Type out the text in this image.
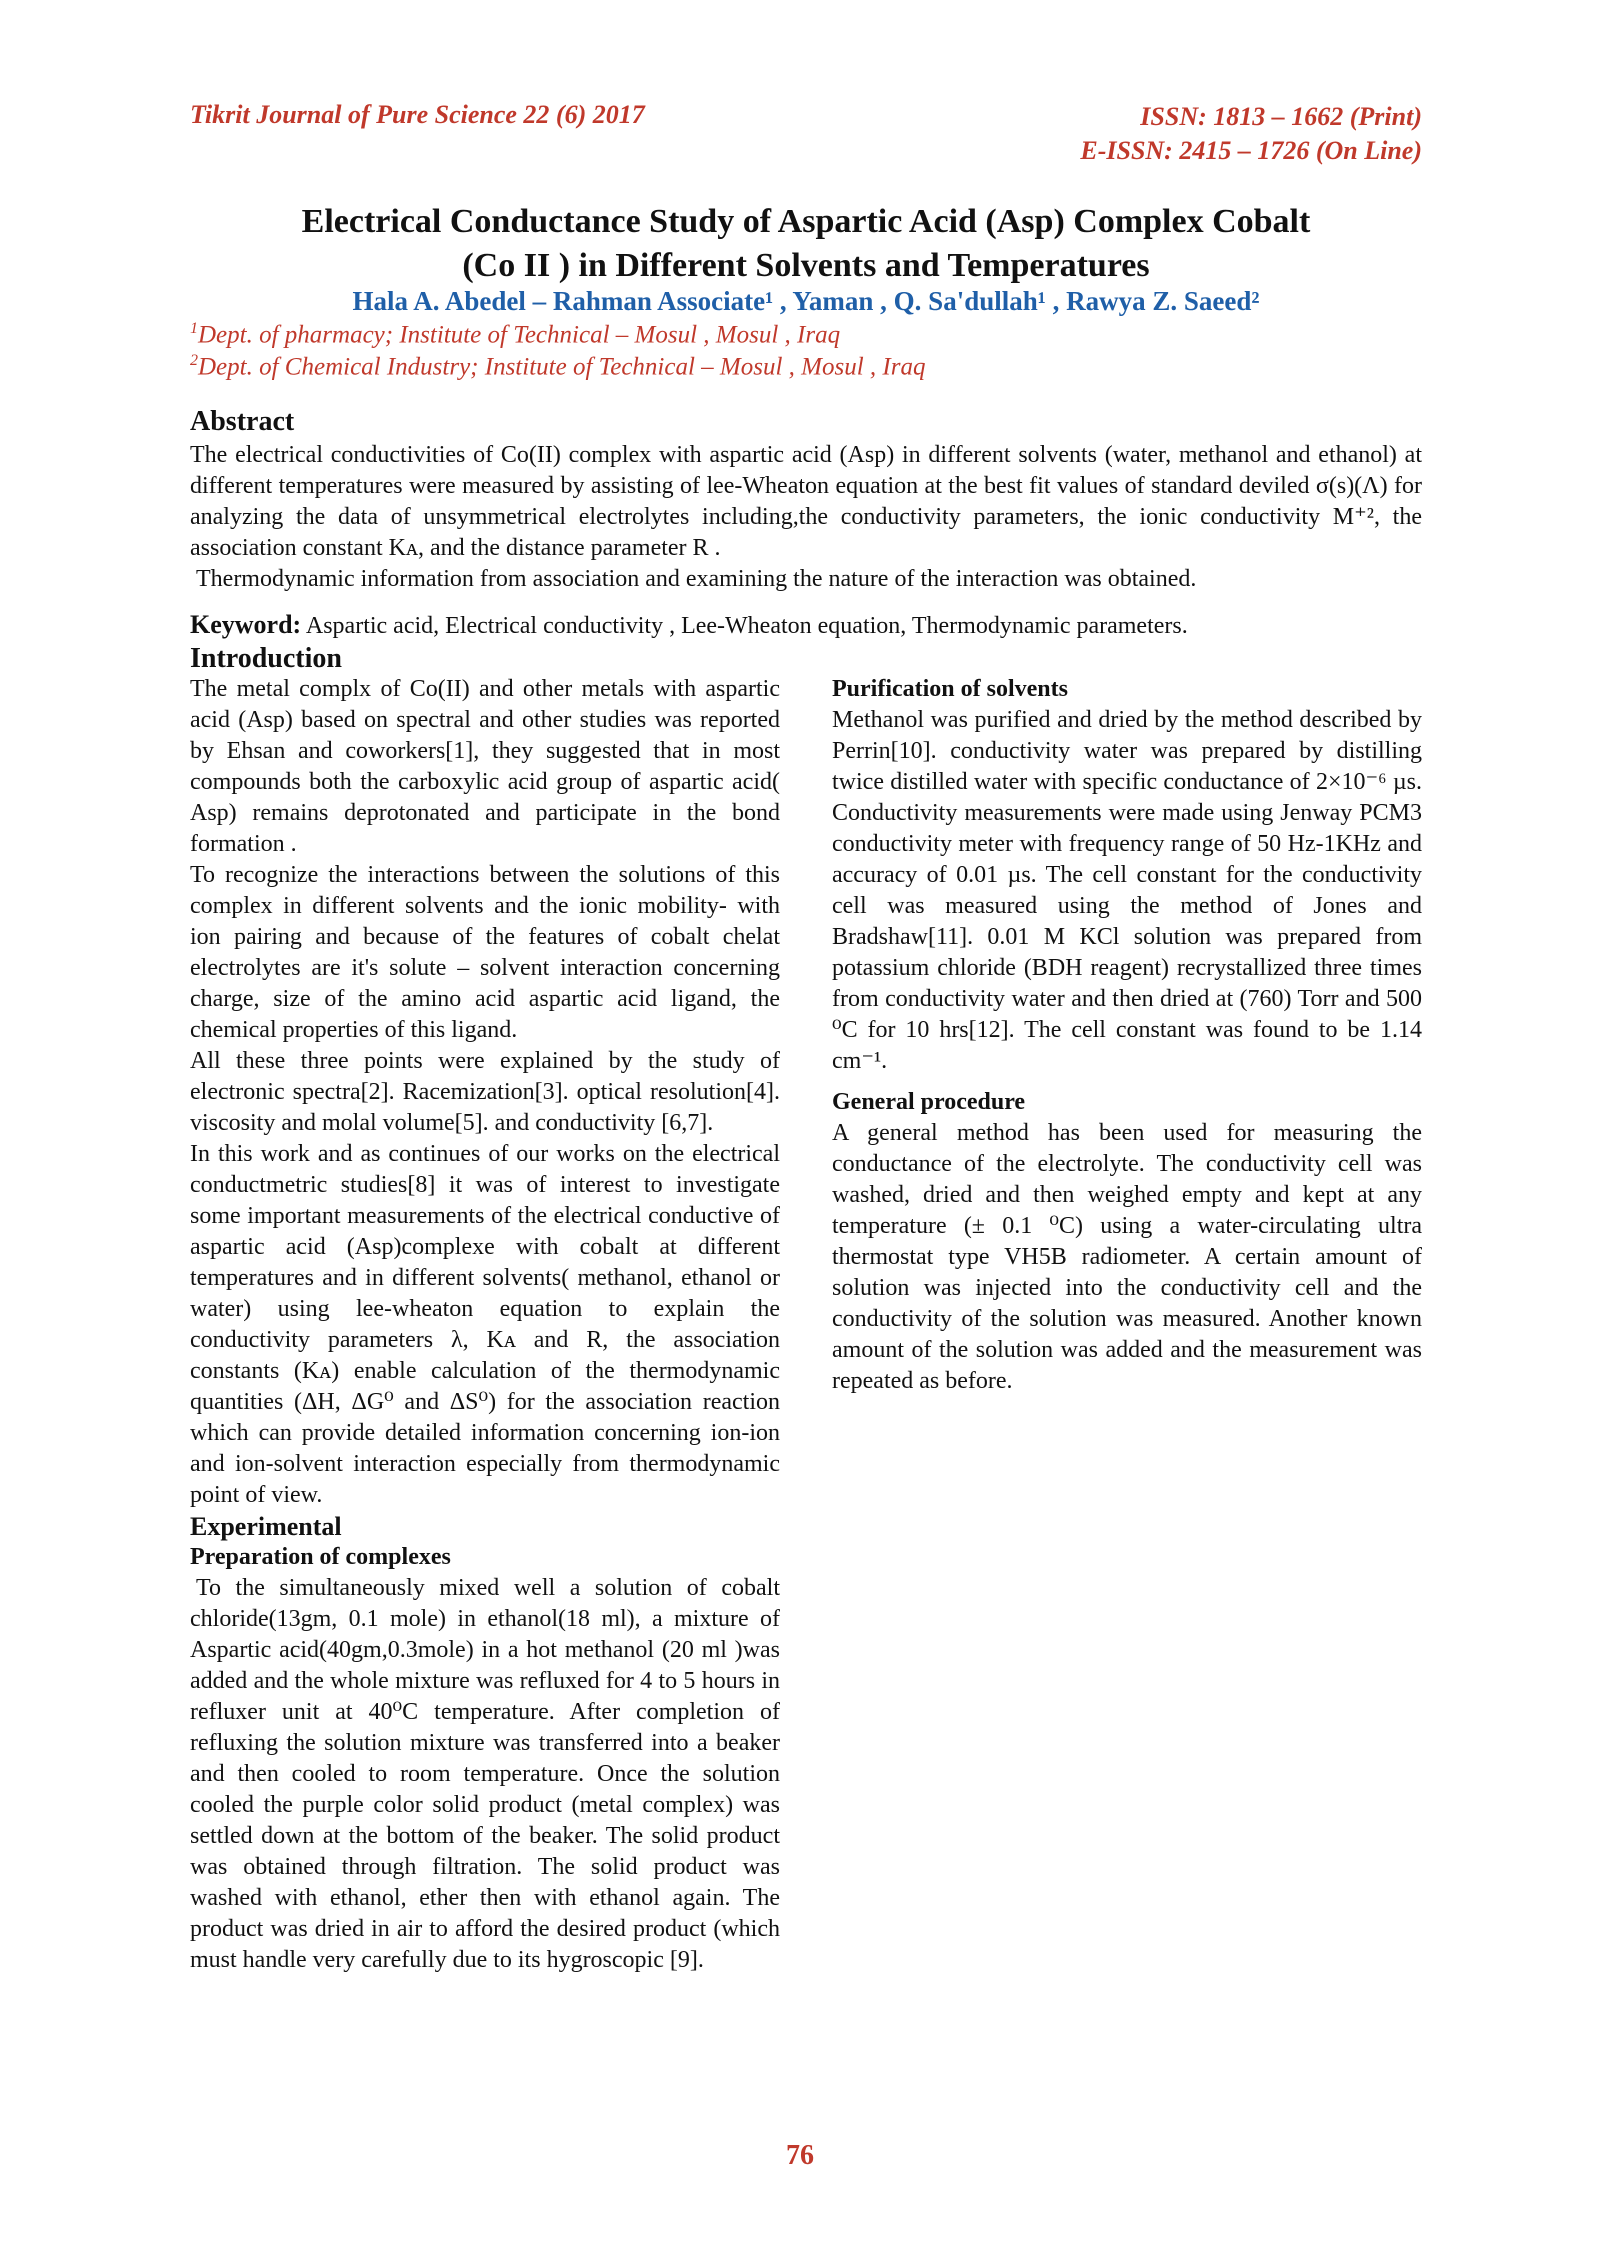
Tikrit Journal of Pure Science 22 (6) 2017	ISSN: 1813 – 1662 (Print)
E-ISSN: 2415 – 1726 (On Line)
Electrical Conductance Study of Aspartic Acid (Asp) Complex Cobalt
(Co II ) in Different Solvents and Temperatures
Hala A. Abedel – Rahman Associate¹ , Yaman , Q. Sa'dullah¹ , Rawya Z. Saeed²
$^1$Dept. of pharmacy; Institute of Technical – Mosul , Mosul , Iraq
$^2$Dept. of Chemical Industry; Institute of Technical – Mosul , Mosul , Iraq
Abstract

The electrical conductivities of Co(II) complex with aspartic acid (Asp) in different solvents (water, methanol and ethanol) at different temperatures were measured by assisting of lee-Wheaton equation at the best fit values of standard deviled σ(s)(Λ) for analyzing the data of unsymmetrical electrolytes including,the conductivity parameters, the ionic conductivity M⁺², the association constant Kᴀ, and the distance parameter R .

Thermodynamic information from association and examining the nature of the interaction was obtained.

Keyword: Aspartic acid, Electrical conductivity , Lee-Wheaton equation, Thermodynamic parameters.
Introduction

The metal complx of Co(II) and other metals with aspartic acid (Asp) based on spectral and other studies was reported by Ehsan and coworkers[1], they suggested that in most compounds both the carboxylic acid group of aspartic acid( Asp) remains deprotonated and participate in the bond formation .

To recognize the interactions between the solutions of this complex in different solvents and the ionic mobility- with ion pairing and because of the features of cobalt chelat electrolytes are it's solute – solvent interaction concerning charge, size of the amino acid aspartic acid ligand, the chemical properties of this ligand.

All these three points were explained by the study of electronic spectra[2]. Racemization[3]. optical resolution[4]. viscosity and molal volume[5]. and conductivity [6,7].

In this work and as continues of our works on the electrical conductmetric studies[8] it was of interest to investigate some important measurements of the electrical conductive of aspartic acid (Asp)complexe with cobalt at different temperatures and in different solvents( methanol, ethanol or water) using lee-wheaton equation to explain the conductivity parameters λ, Kᴀ and R, the association constants (Kᴀ) enable calculation of the thermodynamic quantities (ΔH, ΔG⁰ and ΔS⁰) for the association reaction which can provide detailed information concerning ion-ion and ion-solvent interaction especially from thermodynamic point of view.

Experimental
Preparation of complexes

To the simultaneously mixed well a solution of cobalt chloride(13gm, 0.1 mole) in ethanol(18 ml), a mixture of Aspartic acid(40gm,0.3mole) in a hot methanol (20 ml )was added and the whole mixture was refluxed for 4 to 5 hours in refluxer unit at 40⁰C temperature. After completion of refluxing the solution mixture was transferred into a beaker and then cooled to room temperature. Once the solution cooled the purple color solid product (metal complex) was settled down at the bottom of the beaker. The solid product was obtained through filtration. The solid product was washed with ethanol, ether then with ethanol again. The product was dried in air to afford the desired product (which must handle very carefully due to its hygroscopic [9].

Purification of solvents

Methanol was purified and dried by the method described by Perrin[10]. conductivity water was prepared by distilling twice distilled water with specific conductance of 2×10⁻⁶ µs. Conductivity measurements were made using Jenway PCM3 conductivity meter with frequency range of 50 Hz-1KHz and accuracy of 0.01 µs. The cell constant for the conductivity cell was measured using the method of Jones and Bradshaw[11]. 0.01 M KCl solution was prepared from potassium chloride (BDH reagent) recrystallized three times from conductivity water and then dried at (760) Torr and 500 ⁰C for 10 hrs[12]. The cell constant was found to be 1.14 cm⁻¹.

General procedure

A general method has been used for measuring the conductance of the electrolyte. The conductivity cell was washed, dried and then weighed empty and kept at any temperature (± 0.1 ⁰C) using a water-circulating ultra thermostat type VH5B radiometer. A certain amount of solution was injected into the conductivity cell and the conductivity of the solution was measured. Another known amount of the solution was added and the measurement was repeated as before.

76
